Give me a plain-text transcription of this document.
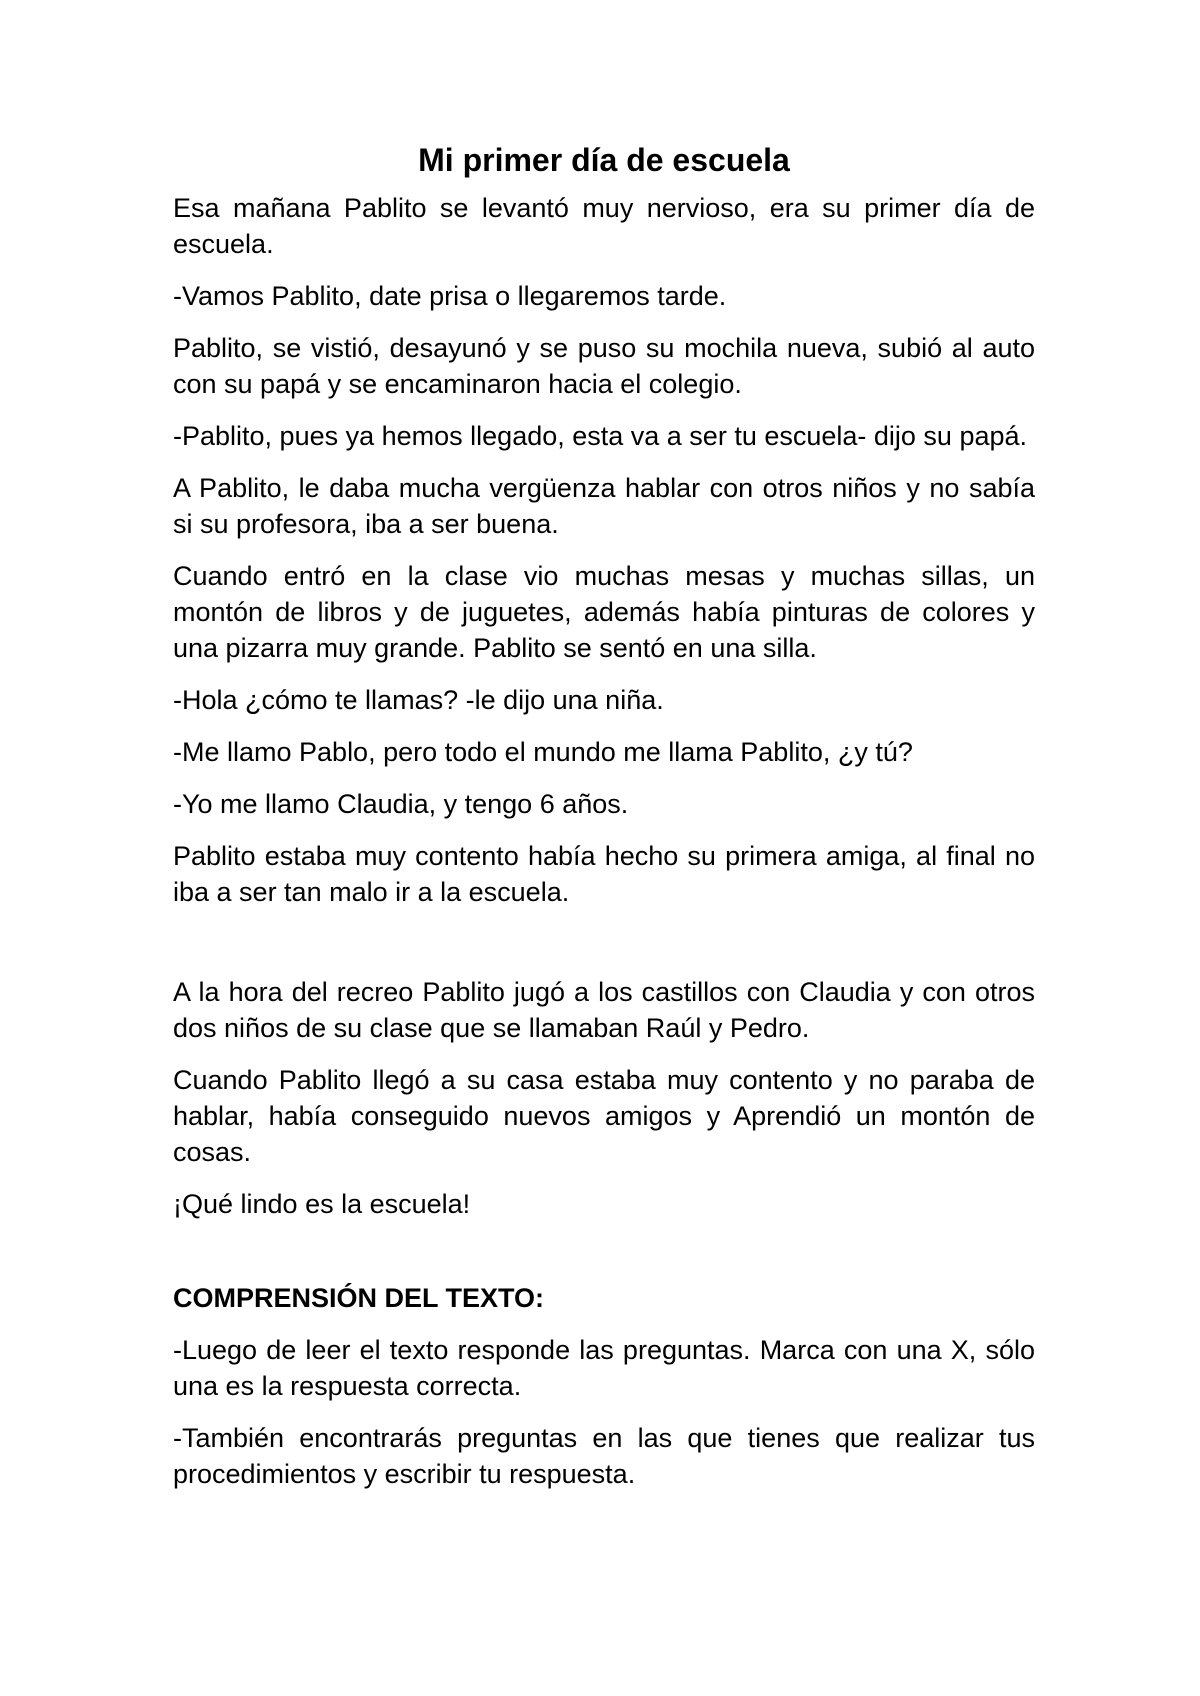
Mi primer día de escuela

Esa mañana Pablito se levantó muy nervioso, era su primer día de escuela.

-Vamos Pablito, date prisa o llegaremos tarde.

Pablito, se vistió, desayunó y se puso su mochila nueva, subió al auto con su papá y se encaminaron hacia el colegio.

-Pablito, pues ya hemos llegado, esta va a ser tu escuela- dijo su papá.

A Pablito, le daba mucha vergüenza hablar con otros niños y no sabía si su profesora, iba a ser buena.

Cuando entró en la clase vio muchas mesas y muchas sillas, un montón de libros y de juguetes, además había pinturas de colores y una pizarra muy grande. Pablito se sentó en una silla.

-Hola ¿cómo te llamas? -le dijo una niña.

-Me llamo Pablo, pero todo el mundo me llama Pablito, ¿y tú?

-Yo me llamo Claudia, y tengo 6 años.

Pablito estaba muy contento había hecho su primera amiga, al final no iba a ser tan malo ir a la escuela.

A la hora del recreo Pablito jugó a los castillos con Claudia y con otros dos niños de su clase que se llamaban Raúl y Pedro.

Cuando Pablito llegó a su casa estaba muy contento y no paraba de hablar, había conseguido nuevos amigos y Aprendió un montón de cosas.

¡Qué lindo es la escuela!

COMPRENSIÓN DEL TEXTO:

-Luego de leer el texto responde las preguntas. Marca con una X, sólo una es la respuesta correcta.

-También encontrarás preguntas en las que tienes que realizar tus procedimientos y escribir tu respuesta.
